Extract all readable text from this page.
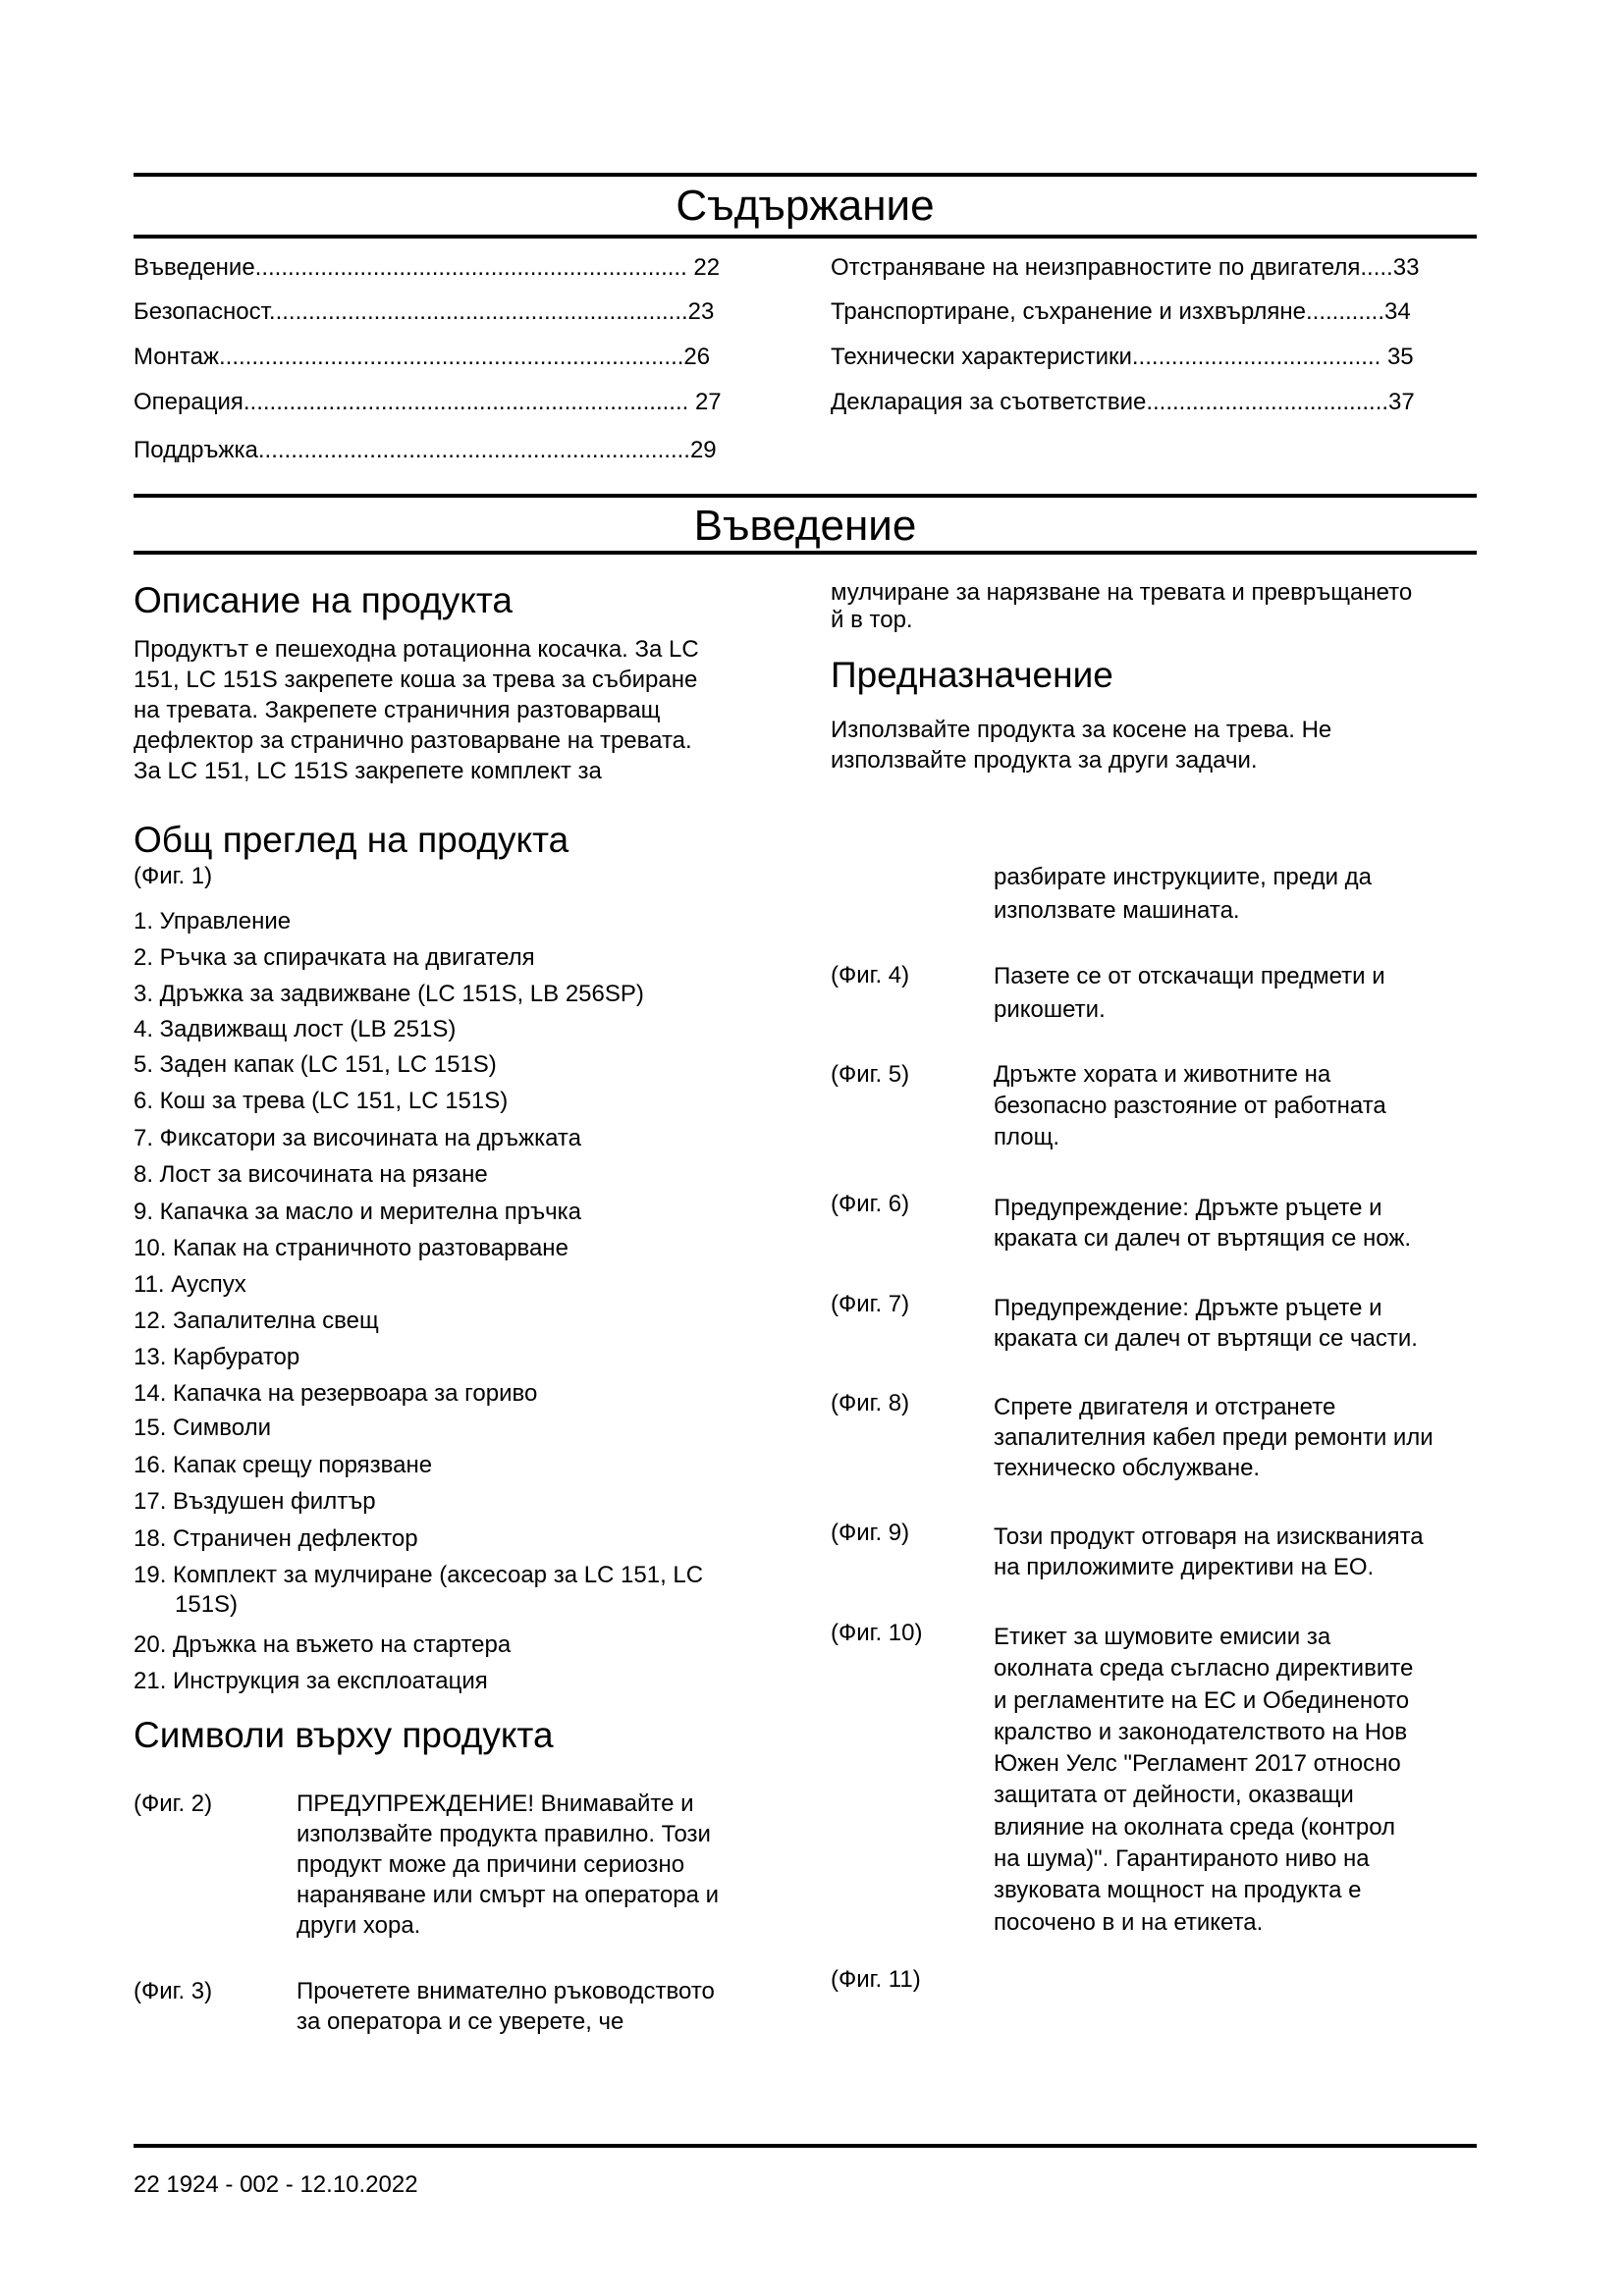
Съдържание
Въведение.................................................................. 22
Безопасност................................................................23
Монтаж.......................................................................26
Операция.................................................................... 27
Поддръжка..................................................................29
Отстраняване на неизправностите по двигателя.....33
Транспортиране, съхранение и изхвърляне............34
Технически характеристики...................................... 35
Декларация за съответствие.....................................37
Въведение
Описание на продукта
Продуктът е пешеходна ротационна косачка. За LC
151, LC 151S закрепете коша за трева за събиране
на тревата. Закрепете страничния разтоварващ
дефлектор за странично разтоварване на тревата.
За LC 151, LC 151S закрепете комплект за
мулчиране за нарязване на тревата и превръщането
й в тор.
Предназначение
Използвайте продукта за косене на трева. Не
използвайте продукта за други задачи.
Общ преглед на продукта
(Фиг. 1)
1. Управление
2. Ръчка за спирачката на двигателя
3. Дръжка за задвижване (LC 151S, LB 256SP)
4. Задвижващ лост (LB 251S)
5. Заден капак (LC 151, LC 151S)
6. Кош за трева (LC 151, LC 151S)
7. Фиксатори за височината на дръжката
8. Лост за височината на рязане
9. Капачка за масло и мерителна пръчка
10. Капак на страничното разтоварване
11. Ауспух
12. Запалителна свещ
13. Карбуратор
14. Капачка на резервоара за гориво
15. Символи
16. Капак срещу порязване
17. Въздушен филтър
18. Страничен дефлектор
19. Комплект за мулчиране (аксесоар за LC 151, LC
151S)
20. Дръжка на въжето на стартера
21. Инструкция за експлоатация
Символи върху продукта
(Фиг. 2)	ПРЕДУПРЕЖДЕНИЕ! Внимавайте и
използвайте продукта правилно. Този
продукт може да причини сериозно
нараняване или смърт на оператора и
други хора.
(Фиг. 3)	Прочетете внимателно ръководството
за оператора и се уверете, че
разбирате инструкциите, преди да
използвате машината.
(Фиг. 4)	Пазете се от отскачащи предмети и
рикошети.
(Фиг. 5)	Дръжте хората и животните на
безопасно разстояние от работната
площ.
(Фиг. 6)	Предупреждение: Дръжте ръцете и
краката си далеч от въртящия се нож.
(Фиг. 7)	Предупреждение: Дръжте ръцете и
краката си далеч от въртящи се части.
(Фиг. 8)	Спрете двигателя и отстранете
запалителния кабел преди ремонти или
техническо обслужване.
(Фиг. 9)	Този продукт отговаря на изискванията
на приложимите директиви на ЕО.
(Фиг. 10)	Етикет за шумовите емисии за
околната среда съгласно директивите
и регламентите на ЕС и Обединеното
кралство и законодателството на Нов
Южен Уелс "Регламент 2017 относно
защитата от дейности, оказващи
влияние на околната среда (контрол
на шума)". Гарантираното ниво на
звуковата мощност на продукта е
посочено в и на етикета.
(Фиг. 11)
22 1924 - 002 - 12.10.2022
